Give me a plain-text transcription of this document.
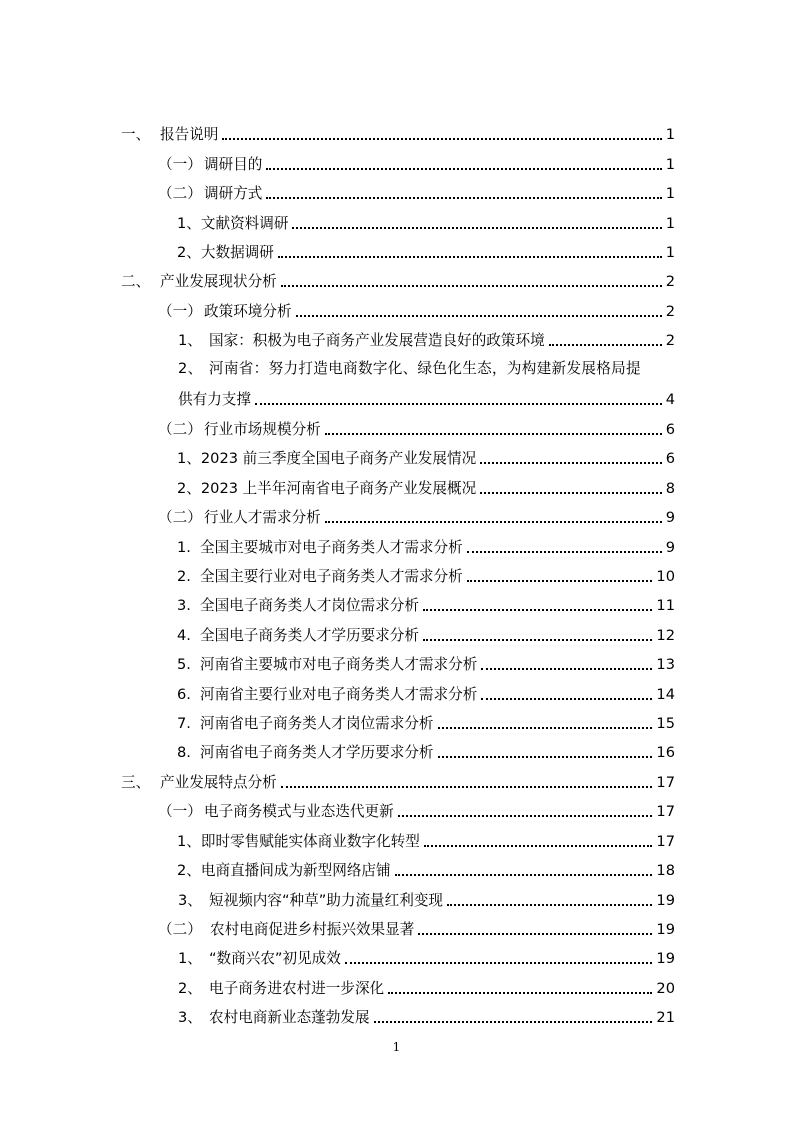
一、 报告说明	1
（一） 调研目的	1
（二） 调研方式	1
1、文献资料调研	1
2、大数据调研	1
二、 产业发展现状分析	2
（一） 政策环境分析	2
1、 国家：积极为电子商务产业发展营造良好的政策环境	2
2、 河南省：努力打造电商数字化、绿色化生态，为构建新发展格局提
供有力支撑	4
（二） 行业市场规模分析	6
1、2023 前三季度全国电子商务产业发展情况	6
2、2023 上半年河南省电子商务产业发展概况	8
（二） 行业人才需求分析	9
1. 全国主要城市对电子商务类人才需求分析	9
2. 全国主要行业对电子商务类人才需求分析	10
3. 全国电子商务类人才岗位需求分析	11
4. 全国电子商务类人才学历要求分析	12
5. 河南省主要城市对电子商务类人才需求分析	13
6. 河南省主要行业对电子商务类人才需求分析	14
7. 河南省电子商务类人才岗位需求分析	15
8. 河南省电子商务类人才学历要求分析	16
三、 产业发展特点分析	17
（一） 电子商务模式与业态迭代更新	17
1、即时零售赋能实体商业数字化转型	17
2、电商直播间成为新型网络店铺	18
3、 短视频内容“种草”助力流量红利变现	19
（二） 农村电商促进乡村振兴效果显著	19
1、 “数商兴农”初见成效	19
2、 电子商务进农村进一步深化	20
3、 农村电商新业态蓬勃发展	21
1
